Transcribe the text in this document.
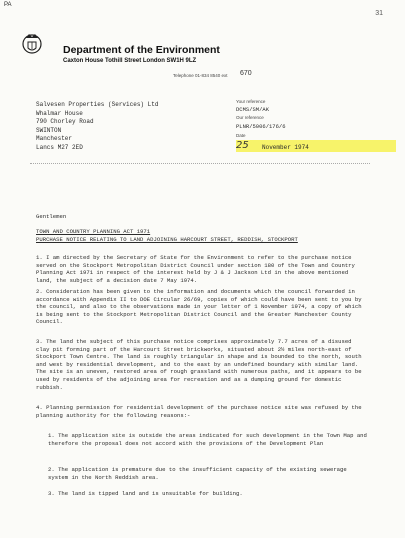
PA
31
Department of the Environment
Caxton House Tothill Street London SW1H 9LZ
Telephone 01-834 8540 ext 670
Salvesen Properties (Services) Ltd
Whalmar House
790 Chorley Road
SWINTON
Manchester
Lancs M27 2ED
Your reference
DCMS/SM/AK
Our reference
PLNR/5006/176/6
Date
25 November 1974
Gentlemen
TOWN AND COUNTRY PLANNING ACT 1971
PURCHASE NOTICE RELATING TO LAND ADJOINING HARCOURT STREET, REDDISH, STOCKPORT
1. I am directed by the Secretary of State for the Environment to refer to the purchase notice served on the Stockport Metropolitan District Council under section 180 of the Town and Country Planning Act 1971 in respect of the interest held by J & J Jackson Ltd in the above mentioned land, the subject of a decision date 7 May 1974.
2. Consideration has been given to the information and documents which the council forwarded in accordance with Appendix II to DOE Circular 26/69, copies of which could have been sent to you by the council, and also to the observations made in your letter of 1 November 1974, a copy of which is being sent to the Stockport Metropolitan District Council and the Greater Manchester County Council.
3. The land the subject of this purchase notice comprises approximately 7.7 acres of a disused clay pit forming part of the Harcourt Street brickworks, situated about 2½ miles north-east of Stockport Town Centre. The land is roughly triangular in shape and is bounded to the north, south and west by residential development, and to the east by an undefined boundary with similar land. The site is an uneven, restored area of rough grassland with numerous paths, and it appears to be used by residents of the adjoining area for recreation and as a dumping ground for domestic rubbish.
4. Planning permission for residential development of the purchase notice site was refused by the planning authority for the following reasons:-
1. The application site is outside the areas indicated for such development in the Town Map and therefore the proposal does not accord with the provisions of the Development Plan
2. The application is premature due to the insufficient capacity of the existing sewerage system in the North Reddish area.
3. The land is tipped land and is unsuitable for building.
